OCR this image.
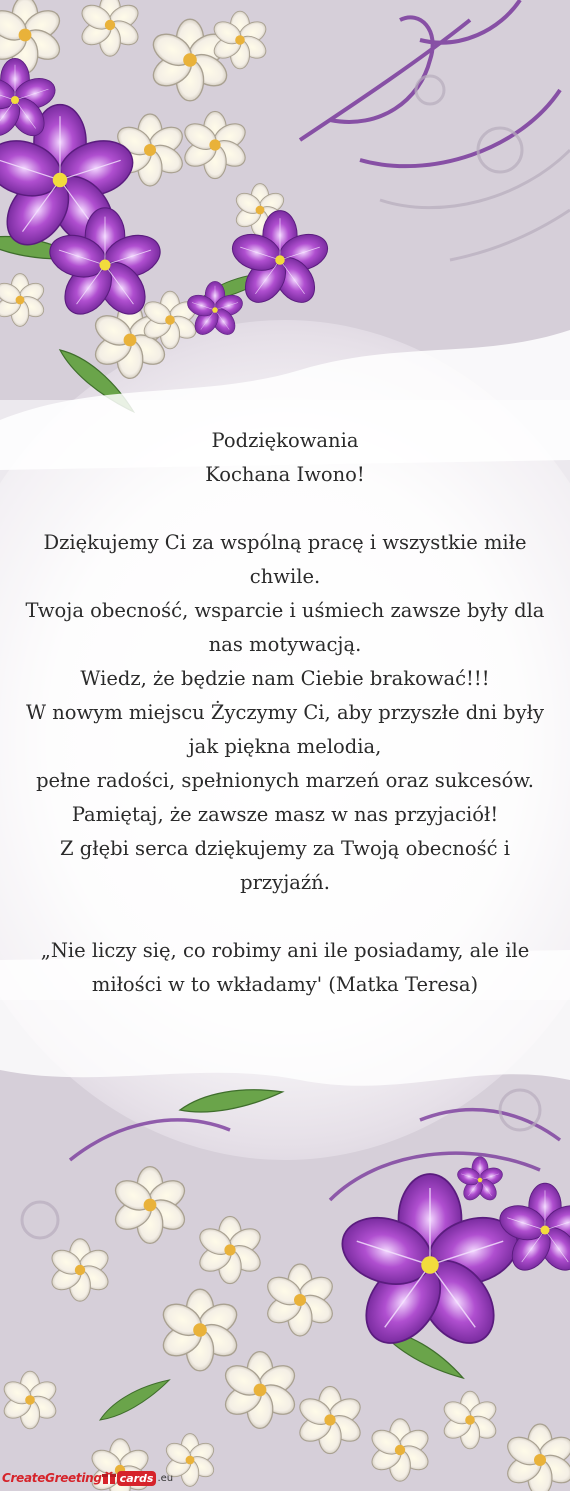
Podziękowania

Kochana Iwono!

Dziękujemy Ci za wspólną pracę i wszystkie miłe

chwile.

Twoja obecność, wsparcie i uśmiech zawsze były dla

nas motywacją.

Wiedz, że będzie nam Ciebie brakować!!!

W nowym miejscu Życzymy Ci, aby przyszłe dni były

jak piękna melodia,

pełne radości, spełnionych marzeń oraz sukcesów.

Pamiętaj, że zawsze masz w nas przyjaciół!

Z głębi serca dziękujemy za Twoją obecność i

przyjaźń.

„Nie liczy się, co robimy ani ile posiadamy, ale ile

miłości w to wkładamy' (Matka Teresa)

CreateGreeting cards .eu
